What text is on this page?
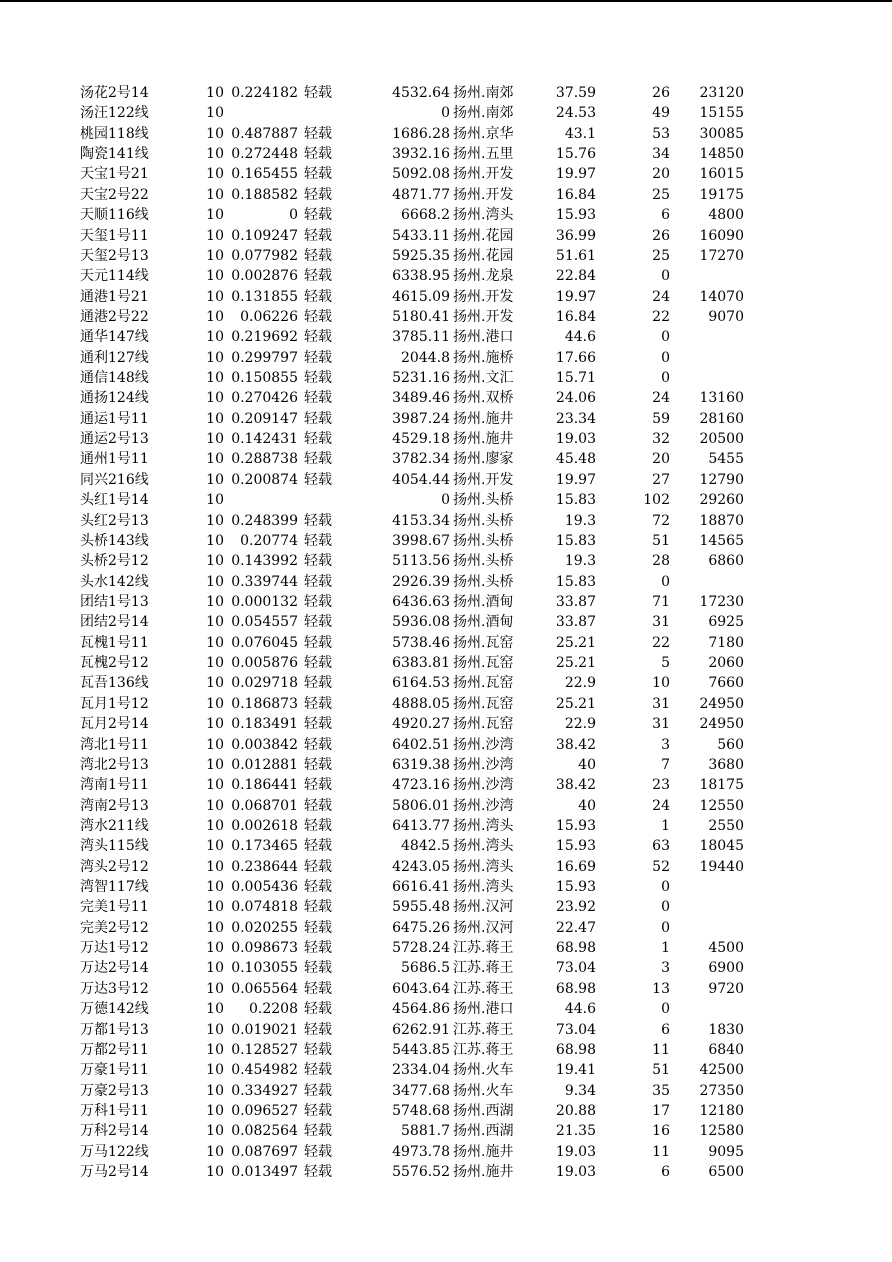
汤花2号14	10 0.224182 轻载	4532.64 扬州.南郊	37.59	26	23120
汤汪122线	10	0 扬州.南郊	24.53	49	15155
桃园118线	10 0.487887 轻载	1686.28 扬州.京华	43.1	53	30085
陶瓷141线	10 0.272448 轻载	3932.16 扬州.五里	15.76	34	14850
天宝1号21	10 0.165455 轻载	5092.08 扬州.开发	19.97	20	16015
天宝2号22	10 0.188582 轻载	4871.77 扬州.开发	16.84	25	19175
天顺116线	10	0 轻载	6668.2 扬州.湾头	15.93	6	4800
天玺1号11	10 0.109247 轻载	5433.11 扬州.花园	36.99	26	16090
天玺2号13	10 0.077982 轻载	5925.35 扬州.花园	51.61	25	17270
天元114线	10 0.002876 轻载	6338.95 扬州.龙泉	22.84	0
通港1号21	10 0.131855 轻载	4615.09 扬州.开发	19.97	24	14070
通港2号22	10	0.06226 轻载	5180.41 扬州.开发	16.84	22	9070
通华147线	10 0.219692 轻载	3785.11 扬州.港口	44.6	0
通利127线	10 0.299797 轻载	2044.8 扬州.施桥	17.66	0
通信148线	10 0.150855 轻载	5231.16 扬州.文汇	15.71	0
通扬124线	10 0.270426 轻载	3489.46 扬州.双桥	24.06	24	13160
通运1号11	10 0.209147 轻载	3987.24 扬州.施井	23.34	59	28160
通运2号13	10 0.142431 轻载	4529.18 扬州.施井	19.03	32	20500
通州1号11	10 0.288738 轻载	3782.34 扬州.廖家	45.48	20	5455
同兴216线	10 0.200874 轻载	4054.44 扬州.开发	19.97	27	12790
头红1号14	10	0 扬州.头桥	15.83	102	29260
头红2号13	10 0.248399 轻载	4153.34 扬州.头桥	19.3	72	18870
头桥143线	10	0.20774 轻载	3998.67 扬州.头桥	15.83	51	14565
头桥2号12	10 0.143992 轻载	5113.56 扬州.头桥	19.3	28	6860
头水142线	10 0.339744 轻载	2926.39 扬州.头桥	15.83	0
团结1号13	10 0.000132 轻载	6436.63 扬州.酒甸	33.87	71	17230
团结2号14	10 0.054557 轻载	5936.08 扬州.酒甸	33.87	31	6925
瓦槐1号11	10 0.076045 轻载	5738.46 扬州.瓦窑	25.21	22	7180
瓦槐2号12	10 0.005876 轻载	6383.81 扬州.瓦窑	25.21	5	2060
瓦吾136线	10 0.029718 轻载	6164.53 扬州.瓦窑	22.9	10	7660
瓦月1号12	10 0.186873 轻载	4888.05 扬州.瓦窑	25.21	31	24950
瓦月2号14	10 0.183491 轻载	4920.27 扬州.瓦窑	22.9	31	24950
湾北1号11	10 0.003842 轻载	6402.51 扬州.沙湾	38.42	3	560
湾北2号13	10 0.012881 轻载	6319.38 扬州.沙湾	40	7	3680
湾南1号11	10 0.186441 轻载	4723.16 扬州.沙湾	38.42	23	18175
湾南2号13	10 0.068701 轻载	5806.01 扬州.沙湾	40	24	12550
湾水211线	10 0.002618 轻载	6413.77 扬州.湾头	15.93	1	2550
湾头115线	10 0.173465 轻载	4842.5 扬州.湾头	15.93	63	18045
湾头2号12	10 0.238644 轻载	4243.05 扬州.湾头	16.69	52	19440
湾智117线	10 0.005436 轻载	6616.41 扬州.湾头	15.93	0
完美1号11	10 0.074818 轻载	5955.48 扬州.汉河	23.92	0
完美2号12	10 0.020255 轻载	6475.26 扬州.汉河	22.47	0
万达1号12	10 0.098673 轻载	5728.24 江苏.蒋王	68.98	1	4500
万达2号14	10 0.103055 轻载	5686.5 江苏.蒋王	73.04	3	6900
万达3号12	10 0.065564 轻载	6043.64 江苏.蒋王	68.98	13	9720
万德142线	10	0.2208 轻载	4564.86 扬州.港口	44.6	0
万都1号13	10 0.019021 轻载	6262.91 江苏.蒋王	73.04	6	1830
万都2号11	10 0.128527 轻载	5443.85 江苏.蒋王	68.98	11	6840
万豪1号11	10 0.454982 轻载	2334.04 扬州.火车	19.41	51	42500
万豪2号13	10 0.334927 轻载	3477.68 扬州.火车	9.34	35	27350
万科1号11	10 0.096527 轻载	5748.68 扬州.西湖	20.88	17	12180
万科2号14	10 0.082564 轻载	5881.7 扬州.西湖	21.35	16	12580
万马122线	10 0.087697 轻载	4973.78 扬州.施井	19.03	11	9095
万马2号14	10 0.013497 轻载	5576.52 扬州.施井	19.03	6	6500
